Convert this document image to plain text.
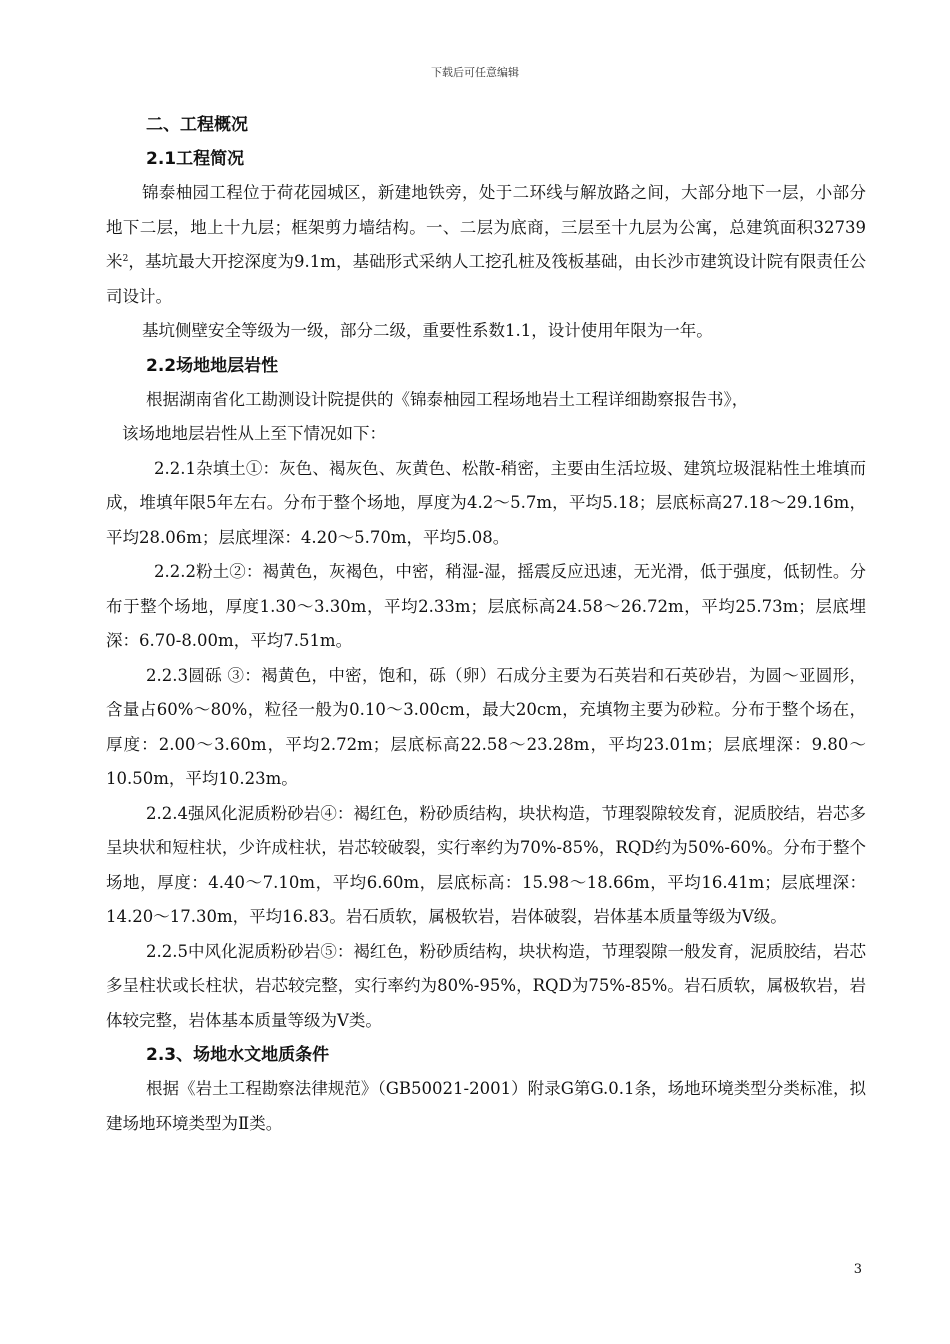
下载后可任意编辑
二、工程概况
2.1工程简况

锦泰柚园工程位于荷花园城区，新建地铁旁，处于二环线与解放路之间，大部分地下一层，小部分地下二层，地上十九层；框架剪力墙结构。一、二层为底商，三层至十九层为公寓，总建筑面积32739米$^2$，基坑最大开挖深度为9.1m，基础形式采纳人工挖孔桩及筏板基础，由长沙市建筑设计院有限责任公司设计。

基坑侧壁安全等级为一级，部分二级，重要性系数1.1，设计使用年限为一年。

2.2场地地层岩性

根据湖南省化工勘测设计院提供的《锦泰柚园工程场地岩土工程详细勘察报告书》，

该场地地层岩性从上至下情况如下：

2.2.1杂填土①：灰色、褐灰色、灰黄色、松散-稍密，主要由生活垃圾、建筑垃圾混粘性土堆填而成，堆填年限5年左右。分布于整个场地，厚度为4.2～5.7m，平均5.18；层底标高27.18～29.16m，平均28.06m；层底埋深：4.20～5.70m，平均5.08。

2.2.2粉土②：褐黄色，灰褐色，中密，稍湿-湿，摇震反应迅速，无光滑，低于强度，低韧性。分布于整个场地，厚度1.30～3.30m，平均2.33m；层底标高24.58～26.72m，平均25.73m；层底埋深：6.70-8.00m，平均7.51m。

2.2.3圆砾 ③：褐黄色，中密，饱和，砾（卵）石成分主要为石英岩和石英砂岩，为圆～亚圆形，含量占60%～80%，粒径一般为0.10～3.00cm，最大20cm，充填物主要为砂粒。分布于整个场在，厚度：2.00～3.60m，平均2.72m；层底标高22.58～23.28m，平均23.01m；层底埋深：9.80～10.50m，平均10.23m。

2.2.4强风化泥质粉砂岩④：褐红色，粉砂质结构，块状构造，节理裂隙较发育，泥质胶结，岩芯多呈块状和短柱状，少许成柱状，岩芯较破裂，实行率约为70%-85%，RQD约为50%-60%。分布于整个场地，厚度：4.40～7.10m，平均6.60m，层底标高：15.98～18.66m，平均16.41m；层底埋深：14.20～17.30m，平均16.83。岩石质软，属极软岩，岩体破裂，岩体基本质量等级为Ⅴ级。

2.2.5中风化泥质粉砂岩⑤：褐红色，粉砂质结构，块状构造，节理裂隙一般发育，泥质胶结，岩芯多呈柱状或长柱状，岩芯较完整，实行率约为80%-95%，RQD为75%-85%。岩石质软，属极软岩，岩体较完整，岩体基本质量等级为Ⅴ类。

2.3、场地水文地质条件

根据《岩土工程勘察法律规范》（GB50021-2001）附录G第G.0.1条，场地环境类型分类标准，拟建场地环境类型为Ⅱ类。

3
